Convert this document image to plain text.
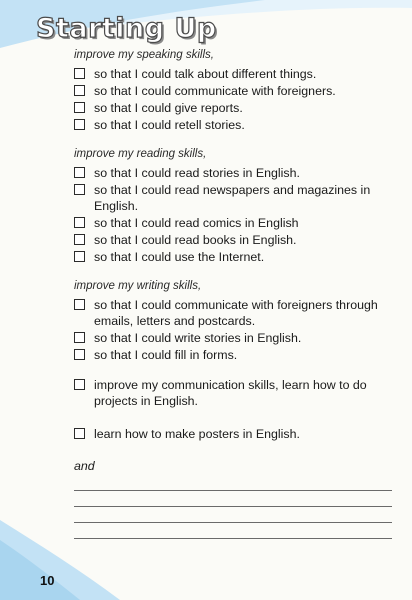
Starting Up
improve my speaking skills,
so that I could talk about different things.
so that I could communicate with foreigners.
so that I could give reports.
so that I could retell stories.
improve my reading skills,
so that I could read stories in English.
so that I could read newspapers and magazines in English.
so that I could read comics in English
so that I could read books in English.
so that I could use the Internet.
improve my writing skills,
so that I could communicate with foreigners through emails, letters and postcards.
so that I could write stories in English.
so that I could fill in forms.
improve my communication skills, learn how to do projects in English.
learn how to make posters in English.
and
10
